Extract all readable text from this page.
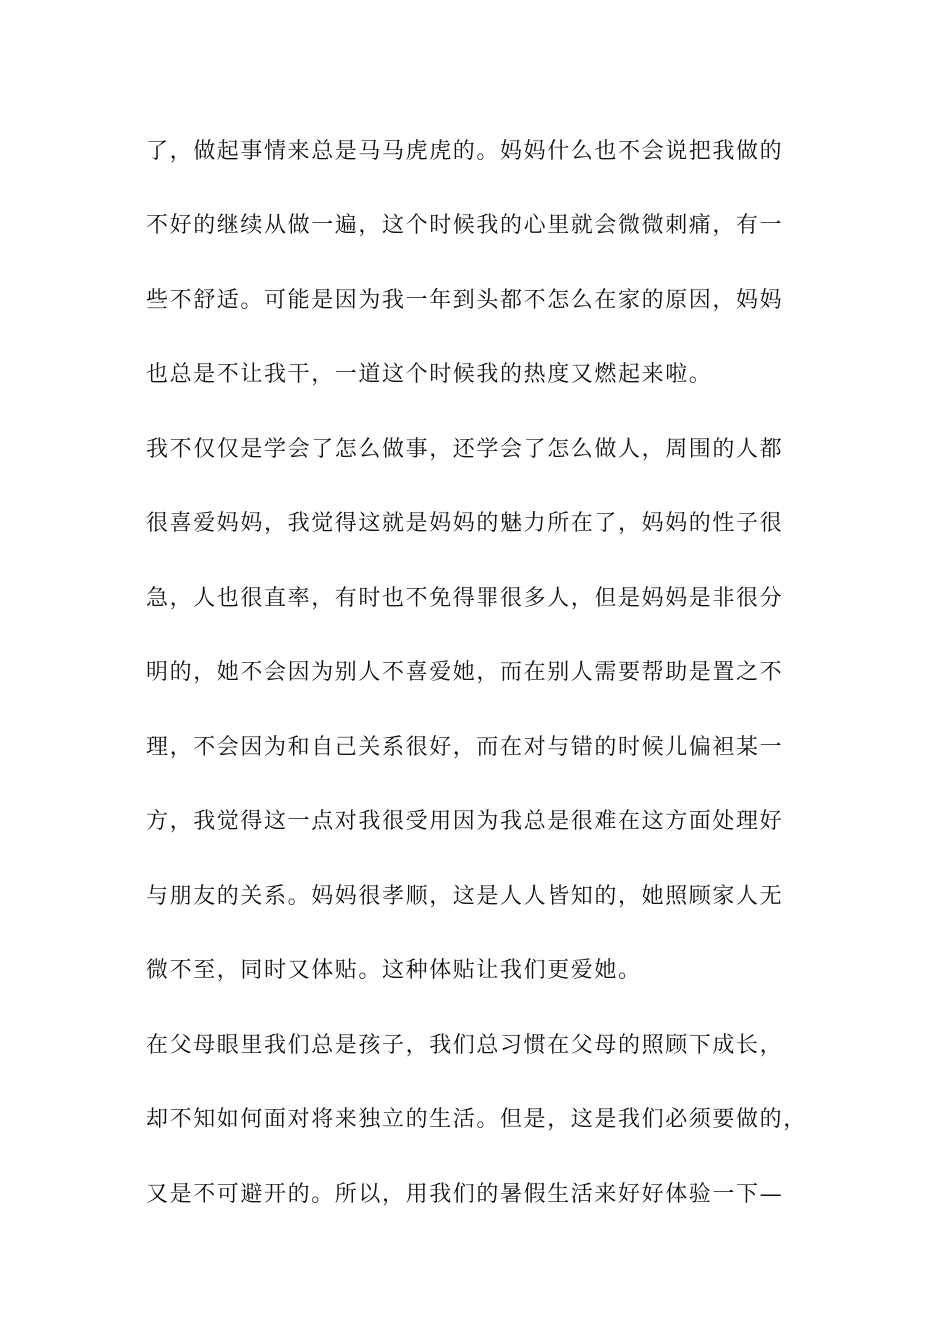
了，做起事情来总是马马虎虎的。妈妈什么也不会说把我做的
不好的继续从做一遍，这个时候我的心里就会微微刺痛，有一
些不舒适。可能是因为我一年到头都不怎么在家的原因，妈妈
也总是不让我干，一道这个时候我的热度又燃起来啦。
我不仅仅是学会了怎么做事，还学会了怎么做人，周围的人都
很喜爱妈妈，我觉得这就是妈妈的魅力所在了，妈妈的性子很
急，人也很直率，有时也不免得罪很多人，但是妈妈是非很分
明的，她不会因为别人不喜爱她，而在别人需要帮助是置之不
理，不会因为和自己关系很好，而在对与错的时候儿偏袒某一
方，我觉得这一点对我很受用因为我总是很难在这方面处理好
与朋友的关系。妈妈很孝顺，这是人人皆知的，她照顾家人无
微不至，同时又体贴。这种体贴让我们更爱她。
在父母眼里我们总是孩子，我们总习惯在父母的照顾下成长，
却不知如何面对将来独立的生活。但是，这是我们必须要做的，
又是不可避开的。所以，用我们的暑假生活来好好体验一下—
